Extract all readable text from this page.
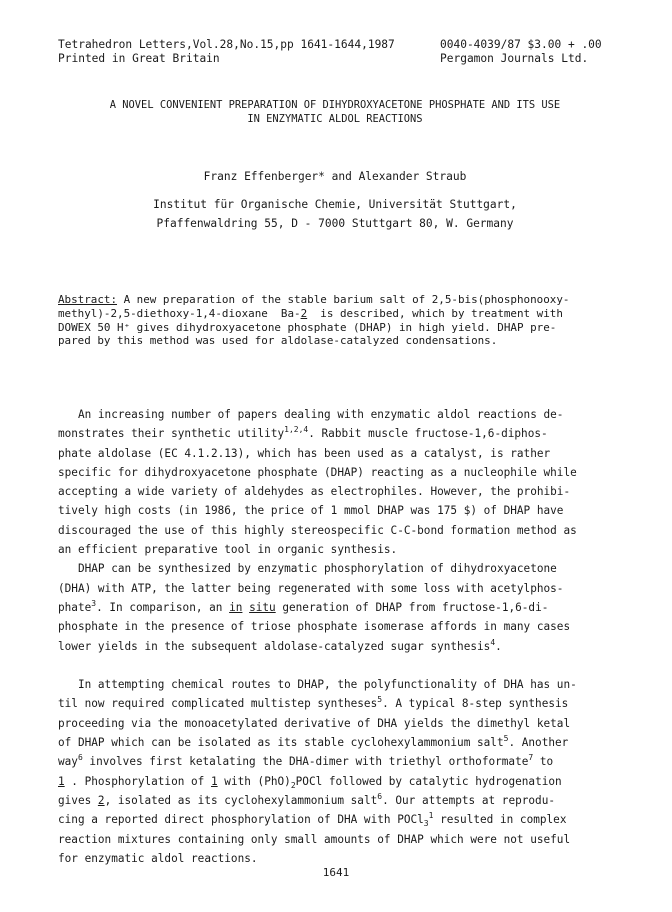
Tetrahedron Letters,Vol.28,No.15,pp 1641-1644,1987
Printed in Great Britain
0040-4039/87 $3.00 + .00
Pergamon Journals Ltd.
A NOVEL CONVENIENT PREPARATION OF DIHYDROXYACETONE PHOSPHATE AND ITS USE
IN ENZYMATIC ALDOL REACTIONS
Franz Effenberger* and Alexander Straub
Institut für Organische Chemie, Universität Stuttgart,
Pfaffenwaldring 55, D - 7000 Stuttgart 80, W. Germany
Abstract: A new preparation of the stable barium salt of 2,5-bis(phosphonooxy-
methyl)-2,5-diethoxy-1,4-dioxane  Ba-2  is described, which by treatment with
DOWEX 50 H⁺ gives dihydroxyacetone phosphate (DHAP) in high yield. DHAP pre-
pared by this method was used for aldolase-catalyzed condensations.
An increasing number of papers dealing with enzymatic aldol reactions de-
monstrates their synthetic utility$^{1,2,4}$. Rabbit muscle fructose-1,6-diphos-
phate aldolase (EC 4.1.2.13), which has been used as a catalyst, is rather
specific for dihydroxyacetone phosphate (DHAP) reacting as a nucleophile while
accepting a wide variety of aldehydes as electrophiles. However, the prohibi-
tively high costs (in 1986, the price of 1 mmol DHAP was 175 $) of DHAP have
discouraged the use of this highly stereospecific C-C-bond formation method as
an efficient preparative tool in organic synthesis.
DHAP can be synthesized by enzymatic phosphorylation of dihydroxyacetone
(DHA) with ATP, the latter being regenerated with some loss with acetylphos-
phate$^3$. In comparison, an in situ generation of DHAP from fructose-1,6-di-
phosphate in the presence of triose phosphate isomerase affords in many cases
lower yields in the subsequent aldolase-catalyzed sugar synthesis$^4$.

In attempting chemical routes to DHAP, the polyfunctionality of DHA has un-
til now required complicated multistep syntheses$^5$. A typical 8-step synthesis
proceeding via the monoacetylated derivative of DHA yields the dimethyl ketal
of DHAP which can be isolated as its stable cyclohexylammonium salt$^5$. Another
way$^6$ involves first ketalating the DHA-dimer with triethyl orthoformate$^7$ to
1 . Phosphorylation of 1 with $(PhO)_2POCl$ followed by catalytic hydrogenation
gives 2, isolated as its cyclohexylammonium salt$^6$. Our attempts at reprodu-
cing a reported direct phosphorylation of DHA with POCl$_3^1$ resulted in complex
reaction mixtures containing only small amounts of DHAP which were not useful
for enzymatic aldol reactions.
1641
